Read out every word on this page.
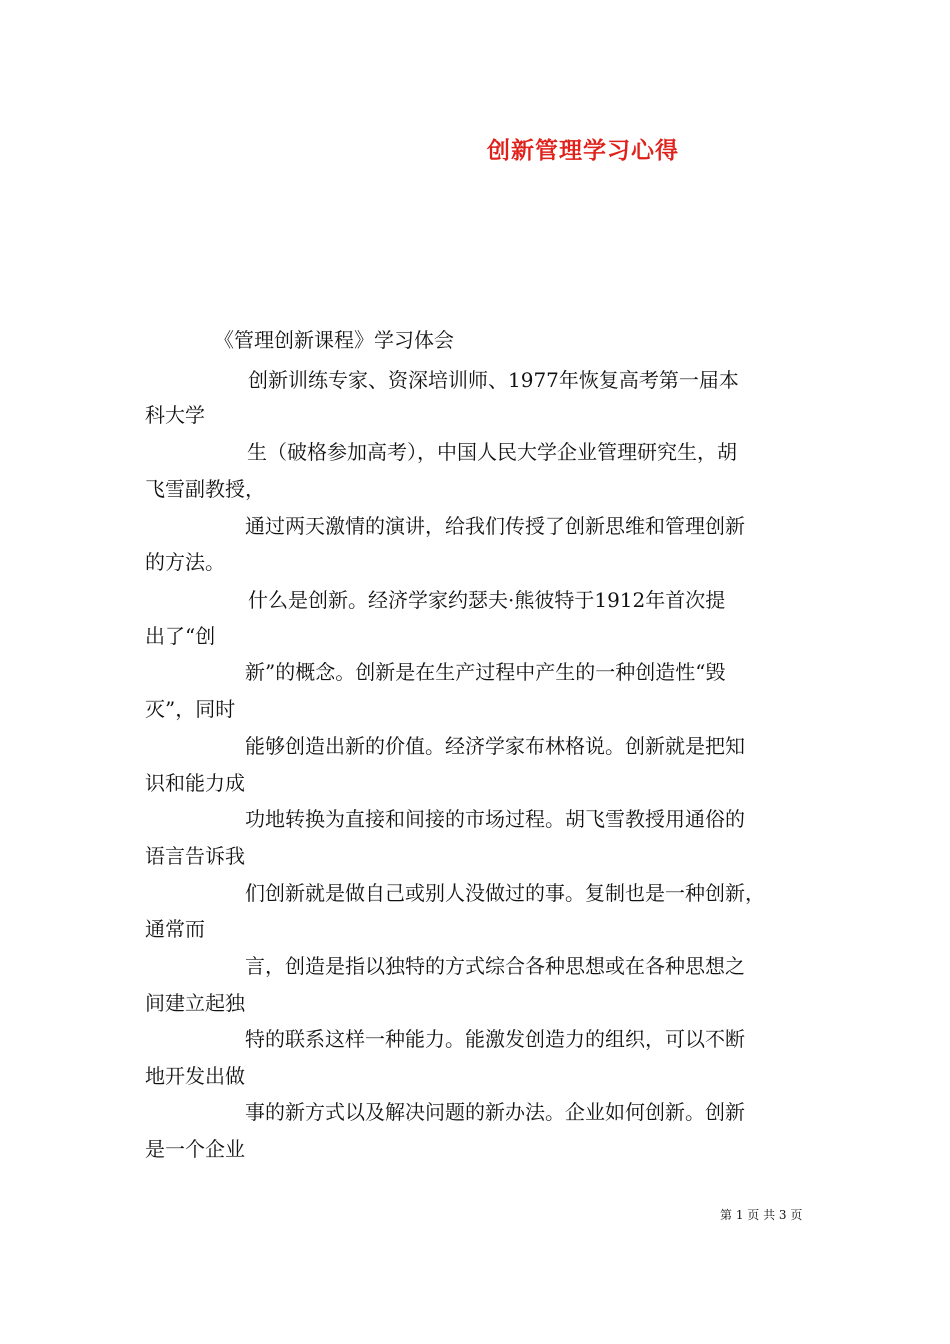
创新管理学习心得
《管理创新课程》学习体会
创新训练专家、资深培训师、1977年恢复高考第一届本
科大学
生（破格参加高考），中国人民大学企业管理研究生，胡
飞雪副教授，
通过两天激情的演讲，给我们传授了创新思维和管理创新
的方法。
什么是创新。经济学家约瑟夫·熊彼特于1912年首次提
出了“创
新”的概念。创新是在生产过程中产生的一种创造性“毁
灭”，同时
能够创造出新的价值。经济学家布林格说。创新就是把知
识和能力成
功地转换为直接和间接的市场过程。胡飞雪教授用通俗的
语言告诉我
们创新就是做自己或别人没做过的事。复制也是一种创新，
通常而
言，创造是指以独特的方式综合各种思想或在各种思想之
间建立起独
特的联系这样一种能力。能激发创造力的组织，可以不断
地开发出做
事的新方式以及解决问题的新办法。企业如何创新。创新
是一个企业
第 1 页 共 3 页
